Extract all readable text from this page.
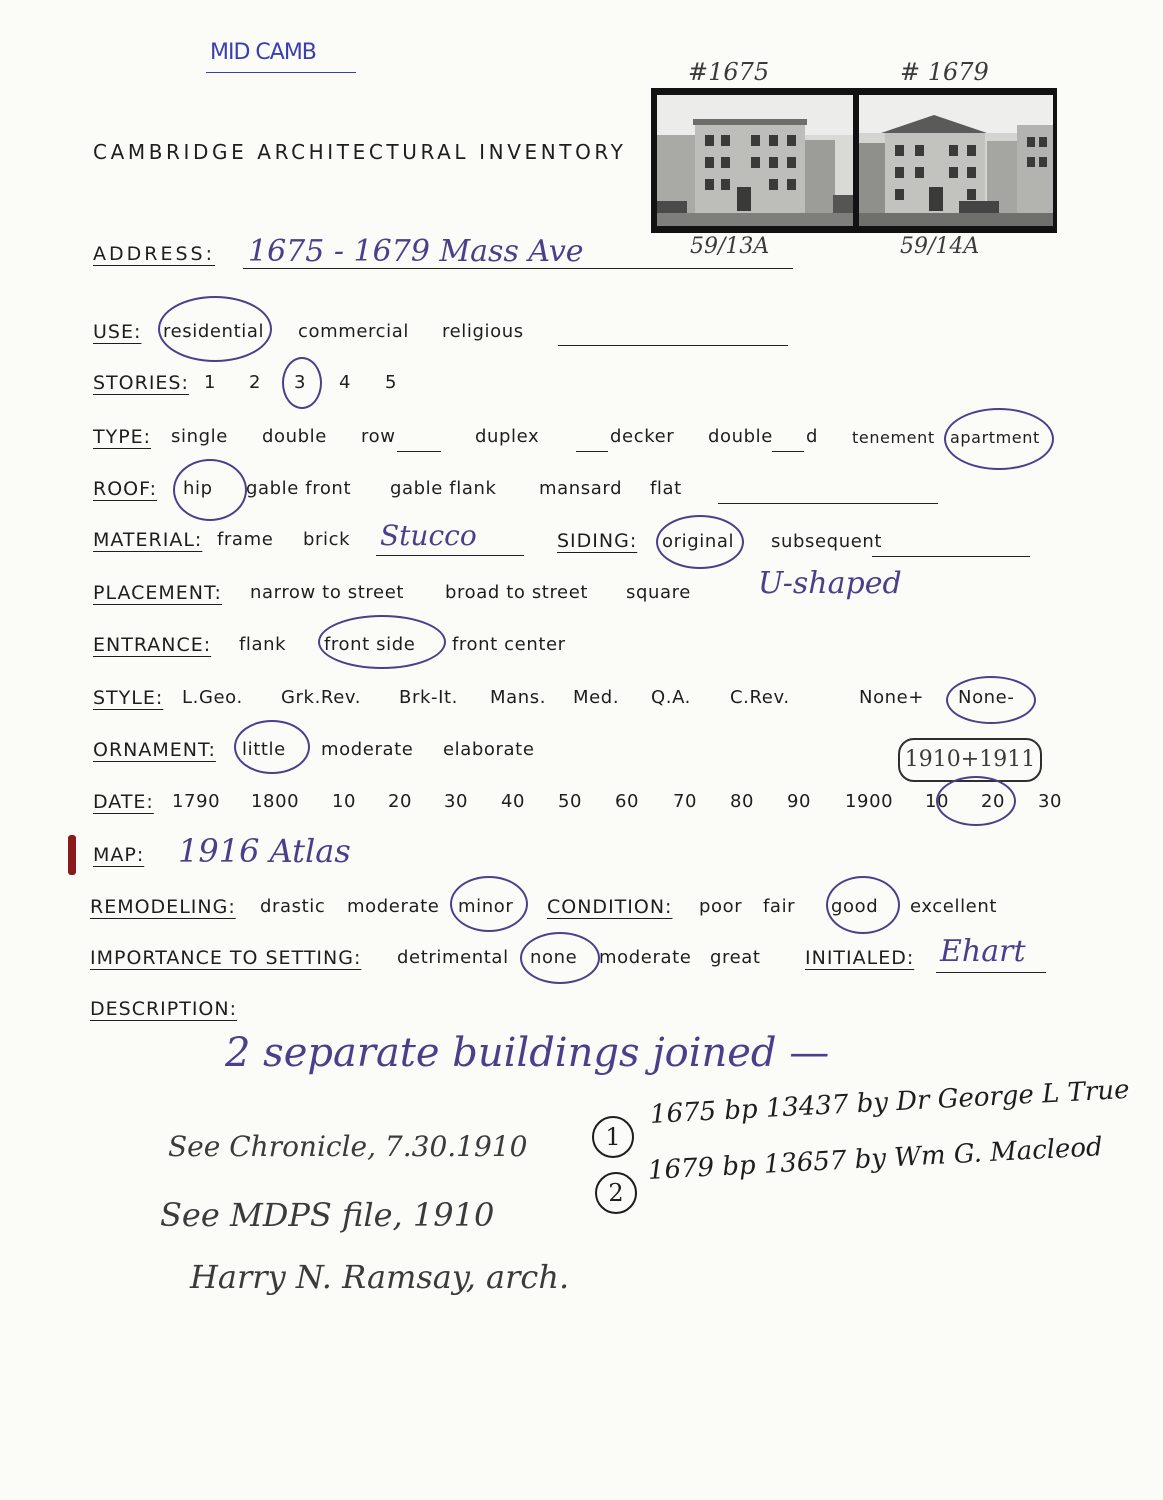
MID CAMB
#1675	# 1679
59/13A	59/14A
CAMBRIDGE ARCHITECTURAL INVENTORY
ADDRESS: 1675 - 1679 Mass Ave
USE: residential commercial religious
STORIES: 1 2 3 4 5
TYPE: single double row	duplex	decker double d tenement apartment
ROOF: hip gable front gable flank mansard flat
MATERIAL: frame brick Stucco	SIDING: original subsequent
PLACEMENT: narrow to street broad to street square U-shaped
ENTRANCE: flank front side front center
STYLE: L.Geo. Grk.Rev. Brk-It. Mans. Med. Q.A. C.Rev.	None+ None-
ORNAMENT: little moderate elaborate	1910+1911
DATE: 1790 1800 10 20 30 40 50 60 70 80 90 1900 10 20 30
MAP: 1916 Atlas
REMODELING: drastic moderate minor CONDITION: poor fair good excellent
IMPORTANCE TO SETTING: detrimental none moderate great INITIALED: Ehart
DESCRIPTION:
2 separate buildings joined —
See Chronicle, 7.30.1910
See MDPS file, 1910
Harry N. Ramsay, arch.
1
1675 bp 13437 by Dr George L True
2
1679 bp 13657 by Wm G. Macleod
